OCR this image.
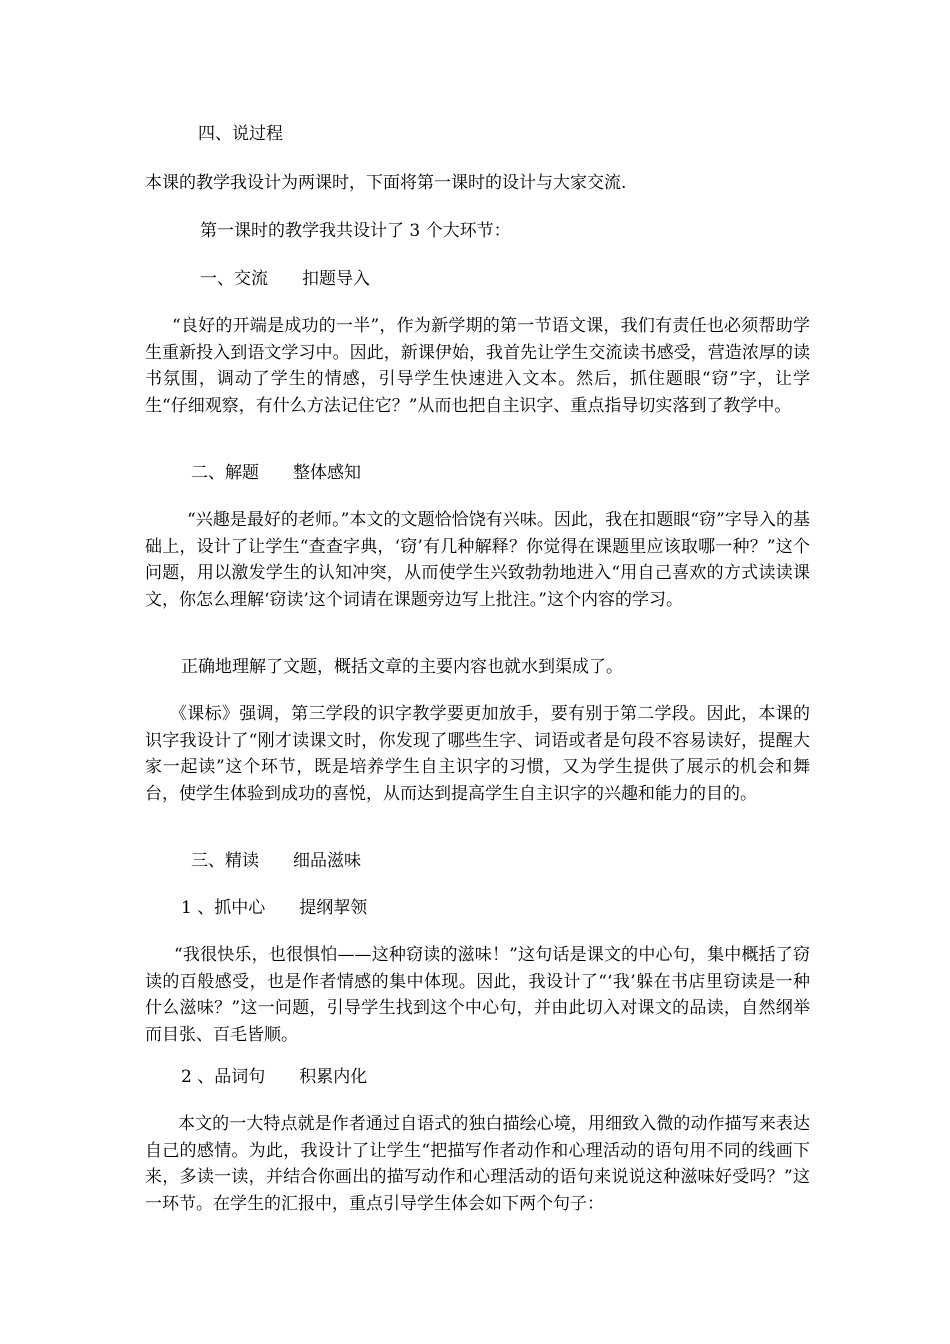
四、说过程

本课的教学我设计为两课时，下面将第一课时的设计与大家交流.

第一课时的教学我共设计了 3 个大环节：

一、交流　　扣题导入

“良好的开端是成功的一半”，作为新学期的第一节语文课，我们有责任也必须帮助学生重新投入到语文学习中。因此，新课伊始，我首先让学生交流读书感受，营造浓厚的读书氛围，调动了学生的情感，引导学生快速进入文本。然后，抓住题眼“窃”字，让学生“仔细观察，有什么方法记住它？”从而也把自主识字、重点指导切实落到了教学中。

二、解题　　整体感知

“兴趣是最好的老师。”本文的文题恰恰饶有兴味。因此，我在扣题眼“窃”字导入的基础上，设计了让学生“查查字典，‘窃’有几种解释？你觉得在课题里应该取哪一种？”这个问题，用以激发学生的认知冲突，从而使学生兴致勃勃地进入“用自己喜欢的方式读读课文，你怎么理解‘窃读’这个词请在课题旁边写上批注。”这个内容的学习。

正确地理解了文题，概括文章的主要内容也就水到渠成了。

《课标》强调，第三学段的识字教学要更加放手，要有别于第二学段。因此，本课的识字我设计了“刚才读课文时，你发现了哪些生字、词语或者是句段不容易读好，提醒大家一起读”这个环节，既是培养学生自主识字的习惯，又为学生提供了展示的机会和舞台，使学生体验到成功的喜悦，从而达到提高学生自主识字的兴趣和能力的目的。

三、精读　　细品滋味

1 、抓中心　　提纲挈领

“我很快乐，也很惧怕——这种窃读的滋味！”这句话是课文的中心句，集中概括了窃读的百般感受，也是作者情感的集中体现。因此，我设计了“‘我’躲在书店里窃读是一种什么滋味？”这一问题，引导学生找到这个中心句，并由此切入对课文的品读，自然纲举而目张、百毛皆顺。

2 、品词句　　积累内化

本文的一大特点就是作者通过自语式的独白描绘心境，用细致入微的动作描写来表达自己的感情。为此，我设计了让学生“把描写作者动作和心理活动的语句用不同的线画下来，多读一读，并结合你画出的描写动作和心理活动的语句来说说这种滋味好受吗？”这一环节。在学生的汇报中，重点引导学生体会如下两个句子：
